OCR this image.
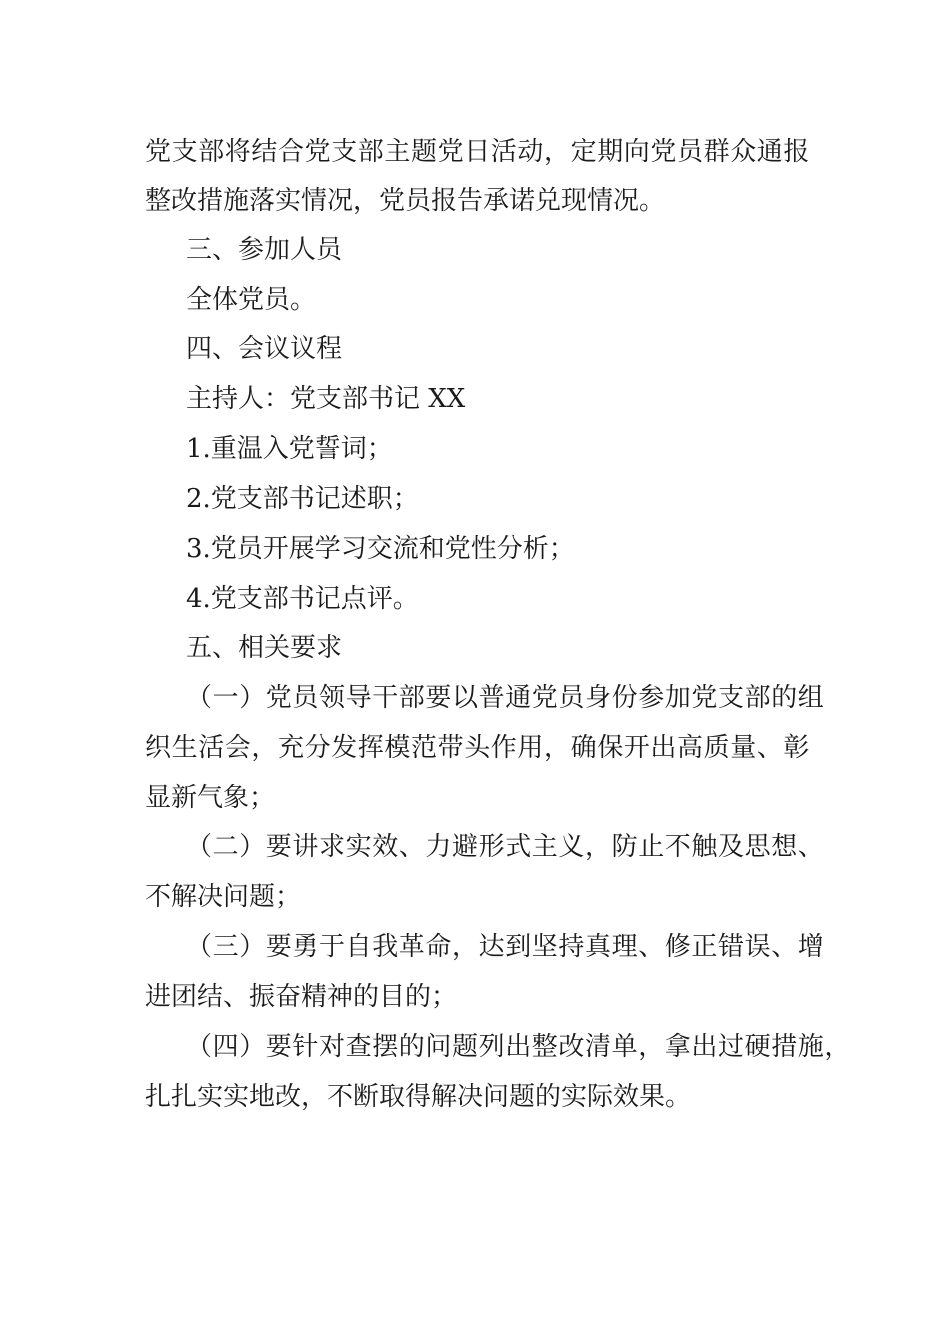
党支部将结合党支部主题党日活动，定期向党员群众通报
整改措施落实情况，党员报告承诺兑现情况。
三、参加人员
全体党员。
四、会议议程
主持人：党支部书记 XX
1.重温入党誓词；
2.党支部书记述职；
3.党员开展学习交流和党性分析；
4.党支部书记点评。
五、相关要求
（一）党员领导干部要以普通党员身份参加党支部的组
织生活会，充分发挥模范带头作用，确保开出高质量、彰
显新气象；
（二）要讲求实效、力避形式主义，防止不触及思想、
不解决问题；
（三）要勇于自我革命，达到坚持真理、修正错误、增
进团结、振奋精神的目的；
（四）要针对查摆的问题列出整改清单，拿出过硬措施，
扎扎实实地改，不断取得解决问题的实际效果。
